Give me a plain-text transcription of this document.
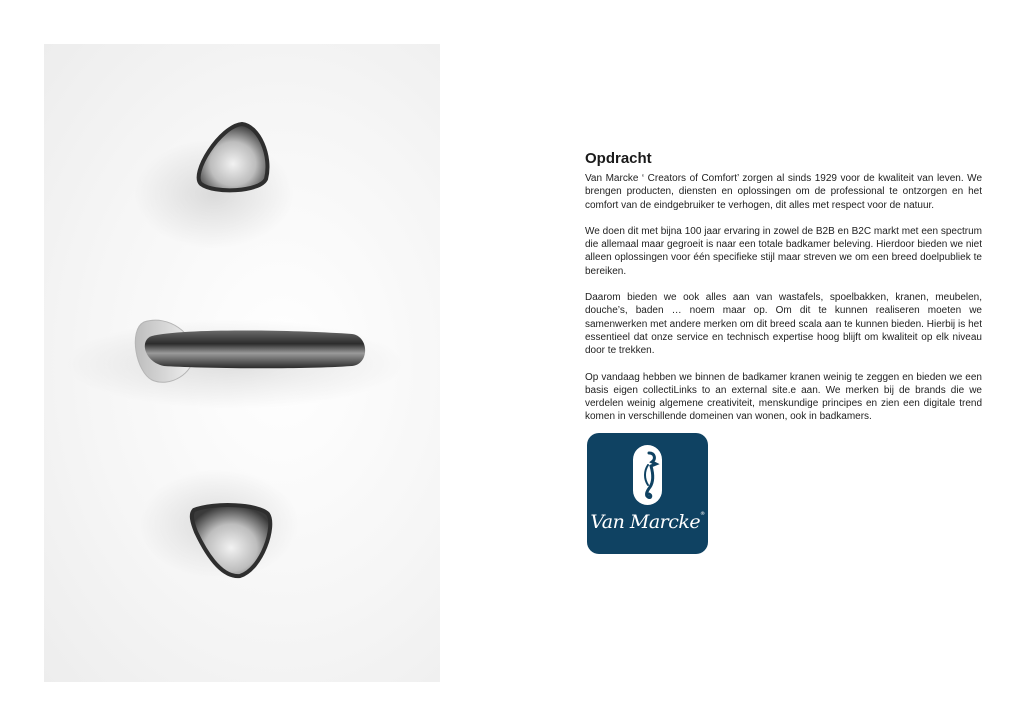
Opdracht

Van Marcke ‘ Creators of Comfort’ zorgen al sinds 1929 voor de kwaliteit van leven. We brengen producten, diensten en oplossingen om de professional te ontzorgen en het comfort van de eindgebruiker te verhogen, dit alles met respect voor de natuur.

We doen dit met bijna 100 jaar ervaring in zowel de B2B en B2C markt met een spectrum die allemaal maar gegroeit is naar een totale badkamer beleving. Hierdoor bieden we niet alleen oplossingen voor één specifieke stijl maar streven we om een breed doelpubliek te bereiken.

Daarom bieden we ook alles aan van wastafels, spoelbakken, kranen, meubelen, douche’s, baden … noem maar op. Om dit te kunnen realiseren moeten we samenwerken met andere merken om dit breed scala aan te kunnen bieden. Hierbij is het essentieel dat onze service en technisch expertise hoog blijft om kwaliteit op elk niveau door te trekken.

Op vandaag hebben we binnen de badkamer kranen weinig te zeggen en bieden we een basis eigen collectiLinks to an external site.e aan. We merken bij de brands die we verdelen weinig algemene creativiteit, menskundige principes en zien een digitale trend komen in verschillende domeinen van wonen, ook in badkamers.

Van Marcke®
